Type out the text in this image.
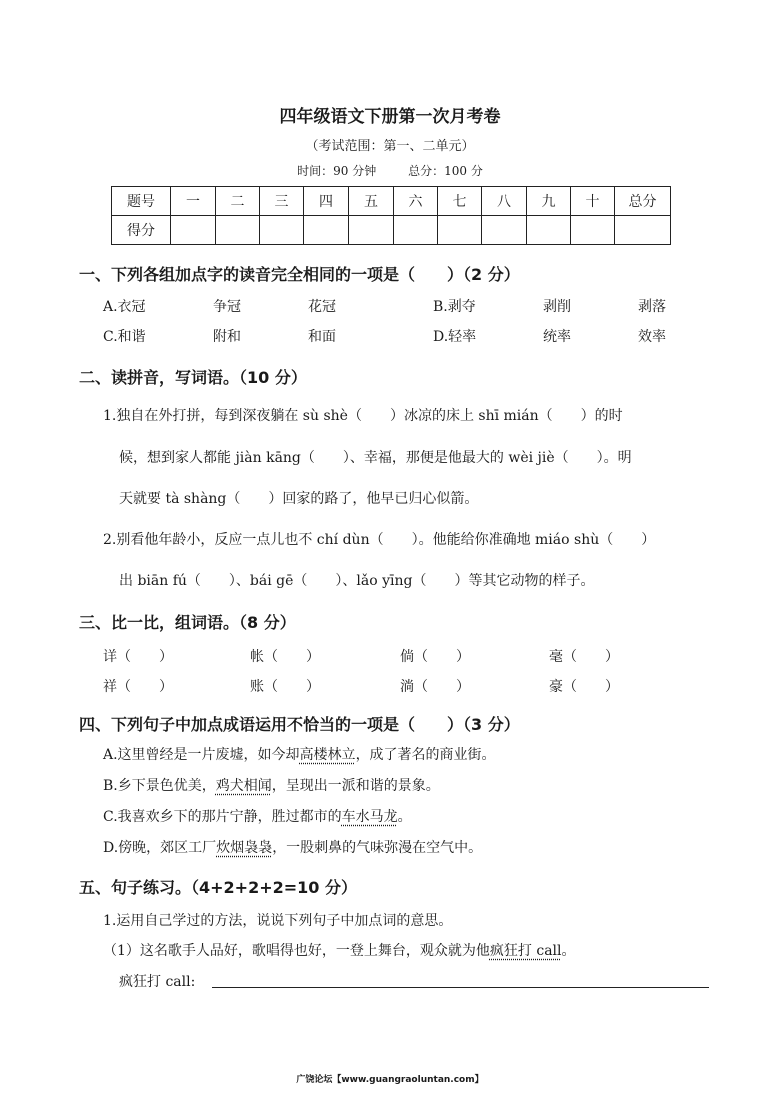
四年级语文下册第一次月考卷
（考试范围：第一、二单元）
时间：90 分钟	总分：100 分
题号	一	二	三	四	五	六	七	八	九	十	总分
得分											
一、下列各组加点字的读音完全相同的一项是（　　）（2 分）
A.衣冠	争冠	花冠	B.剥夺	剥削	剥落
C.和谐	附和	和面	D.轻率	统率	效率
二、读拼音，写词语。（10 分）
1.独自在外打拼，每到深夜躺在 sù shè（　　）冰凉的床上 shī mián（　　）的时
候，想到家人都能 jiàn kāng（　　）、幸福，那便是他最大的 wèi jiè（　　）。明
天就要 tà shàng（　　）回家的路了，他早已归心似箭。
2.别看他年龄小，反应一点儿也不 chí dùn（　　）。他能给你准确地 miáo shù（　　）
出 biān fú（　　）、bái gē（　　）、lǎo yīng（　　）等其它动物的样子。
三、比一比，组词语。（8 分）
详（　　）	帐（　　）	倘（　　）	毫（　　）
祥（　　）	账（　　）	淌（　　）	豪（　　）
四、下列句子中加点成语运用不恰当的一项是（　　）（3 分）
A.这里曾经是一片废墟，如今却高楼林立，成了著名的商业街。
B.乡下景色优美，鸡犬相闻，呈现出一派和谐的景象。
C.我喜欢乡下的那片宁静，胜过都市的车水马龙。
D.傍晚，郊区工厂炊烟袅袅，一股刺鼻的气味弥漫在空气中。
五、句子练习。（4+2+2+2=10 分）
1.运用自己学过的方法，说说下列句子中加点词的意思。
（1）这名歌手人品好，歌唱得也好，一登上舞台，观众就为他疯狂打 call。
疯狂打 call:
广饶论坛【www.guangraoluntan.com】
